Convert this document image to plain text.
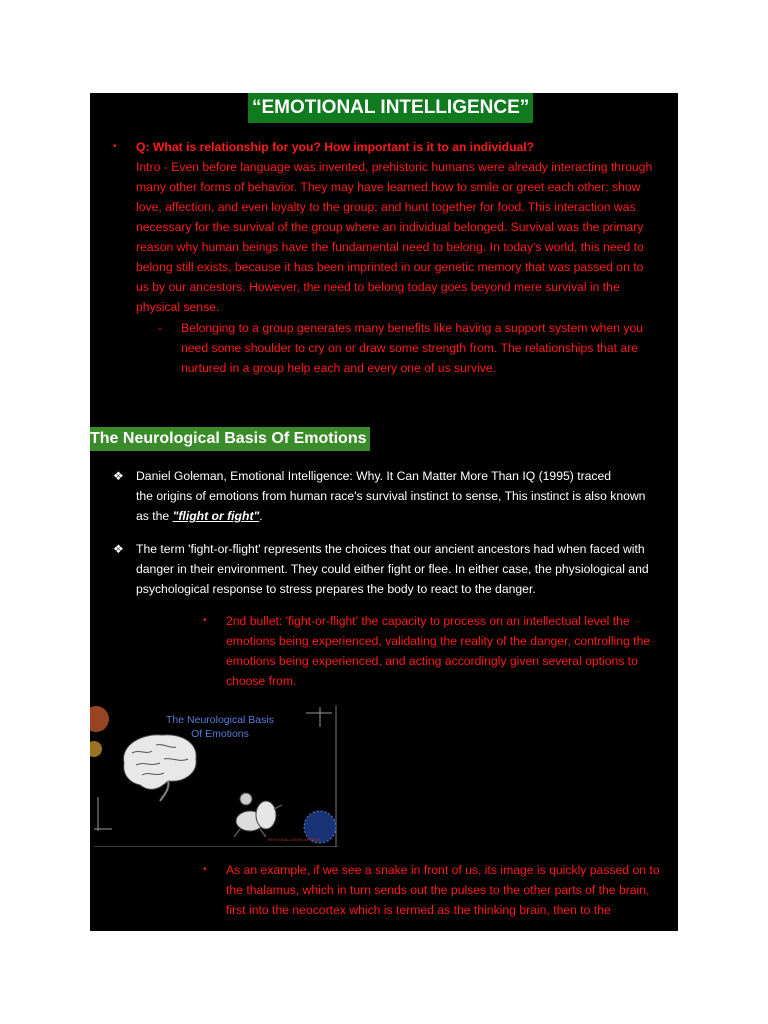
“EMOTIONAL INTELLIGENCE”
• Q: What is relationship for you? How important is it to an individual?
Intro - Even before language was invented, prehistoric humans were already interacting through
many other forms of behavior. They may have learned how to smile or greet each other; show
love, affection, and even loyalty to the group; and hunt together for food. This interaction was
necessary for the survival of the group where an individual belonged. Survival was the primary
reason why human beings have the fundamental need to belong. In today's world, this need to
belong still exists, because it has been imprinted in our genetic memory that was passed on to
us by our ancestors. However, the need to belong today goes beyond mere survival in the
physical sense.
- Belonging to a group generates many benefits like having a support system when you
need some shoulder to cry on or draw some strength from. The relationships that are
nurtured in a group help each and every one of us survive.
The Neurological Basis Of Emotions
❖ Daniel Goleman, Emotional Intelligence: Why. It Can Matter More Than IQ (1995) traced
the origins of emotions from human race's survival instinct to sense, This instinct is also known
as the "flight or fight".
❖ The term 'fight-or-flight' represents the choices that our ancient ancestors had when faced with
danger in their environment. They could either fight or flee. In either case, the physiological and
psychological response to stress prepares the body to react to the danger.
• 2nd bullet: 'fight-or-flight' the capacity to process on an intellectual level the
emotions being experienced, validating the reality of the danger, controlling the
emotions being experienced, and acting accordingly given several options to
choose from.
The Neurological Basis
Of Emotions
PERSONAL DEVELOPMENT
• As an example, if we see a snake in front of us, its image is quickly passed on to
the thalamus, which in turn sends out the pulses to the other parts of the brain,
first into the neocortex which is termed as the thinking brain, then to the
